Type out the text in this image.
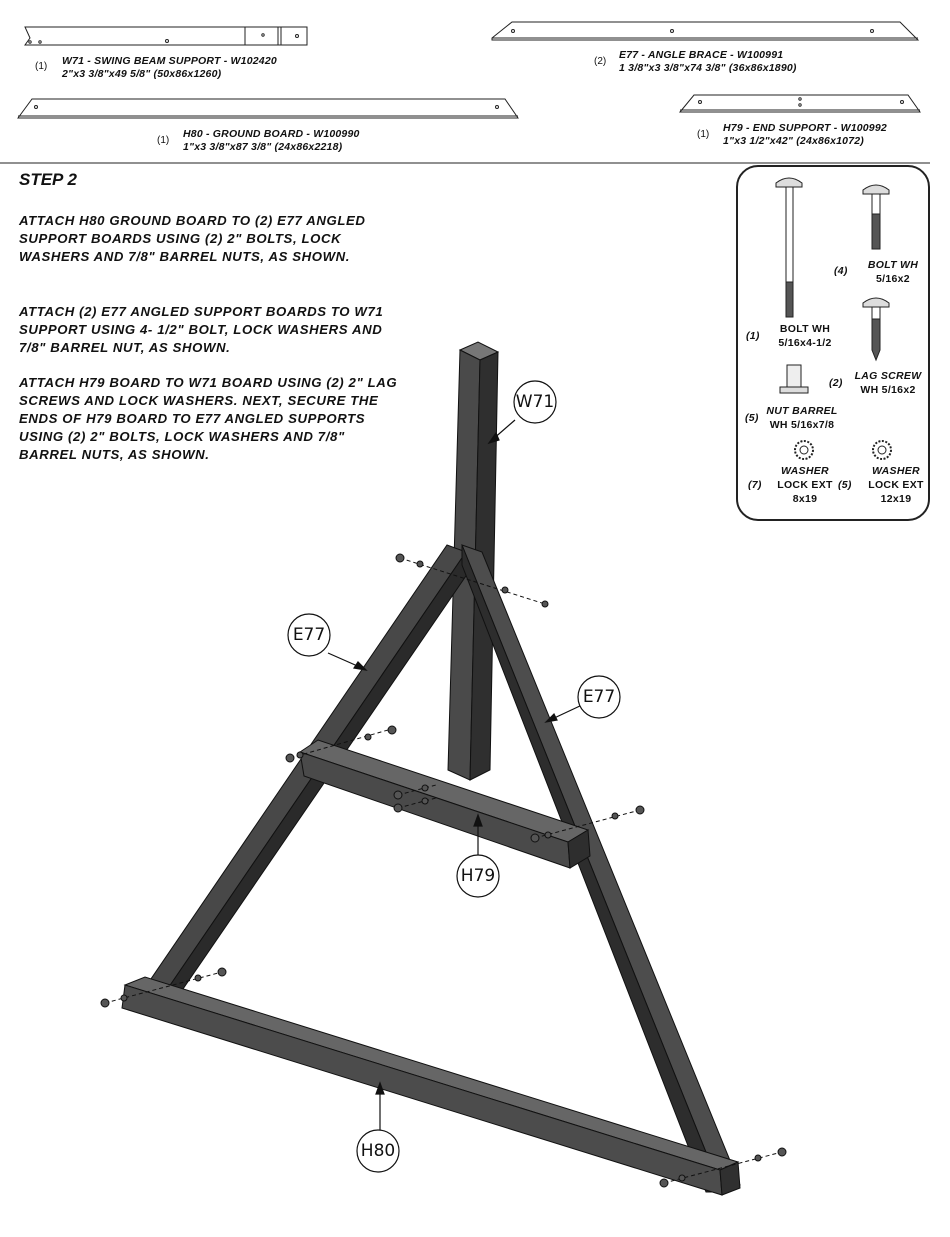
(1) W71 - SWING BEAM SUPPORT - W102420
2"x3 3/8"x49 5/8" (50x86x1260)
(2)
E77 - ANGLE BRACE - W100991
1 3/8"x3 3/8"x74 3/8" (36x86x1890)
(1)
H80 - GROUND BOARD - W100990
1"x3 3/8"x87 3/8" (24x86x2218)
(1)
H79 - END SUPPORT - W100992
1"x3 1/2"x42" (24x86x1072)
STEP 2
ATTACH H80 GROUND BOARD TO (2) E77 ANGLED SUPPORT BOARDS USING (2) 2" BOLTS, LOCK WASHERS AND 7/8" BARREL NUTS, AS SHOWN.
ATTACH (2) E77 ANGLED SUPPORT BOARDS TO W71 SUPPORT USING 4- 1/2" BOLT, LOCK WASHERS AND 7/8" BARREL NUT, AS SHOWN.
ATTACH H79 BOARD TO W71 BOARD USING (2) 2" LAG SCREWS AND LOCK WASHERS. NEXT, SECURE THE ENDS OF H79 BOARD TO E77 ANGLED SUPPORTS USING (2) 2" BOLTS, LOCK WASHERS AND 7/8" BARREL NUTS, AS SHOWN.
BOLT WH
5/16x4-1/2
(1)
BOLT WH
5/16x2
(4)
LAG SCREW
WH 5/16x2
(2)
NUT BARREL
WH 5/16x7/8
(5)
WASHER
LOCK EXT
8x19
(7)
WASHER
LOCK EXT
12x19
(5)
W71
E77
E77
H79
H80
